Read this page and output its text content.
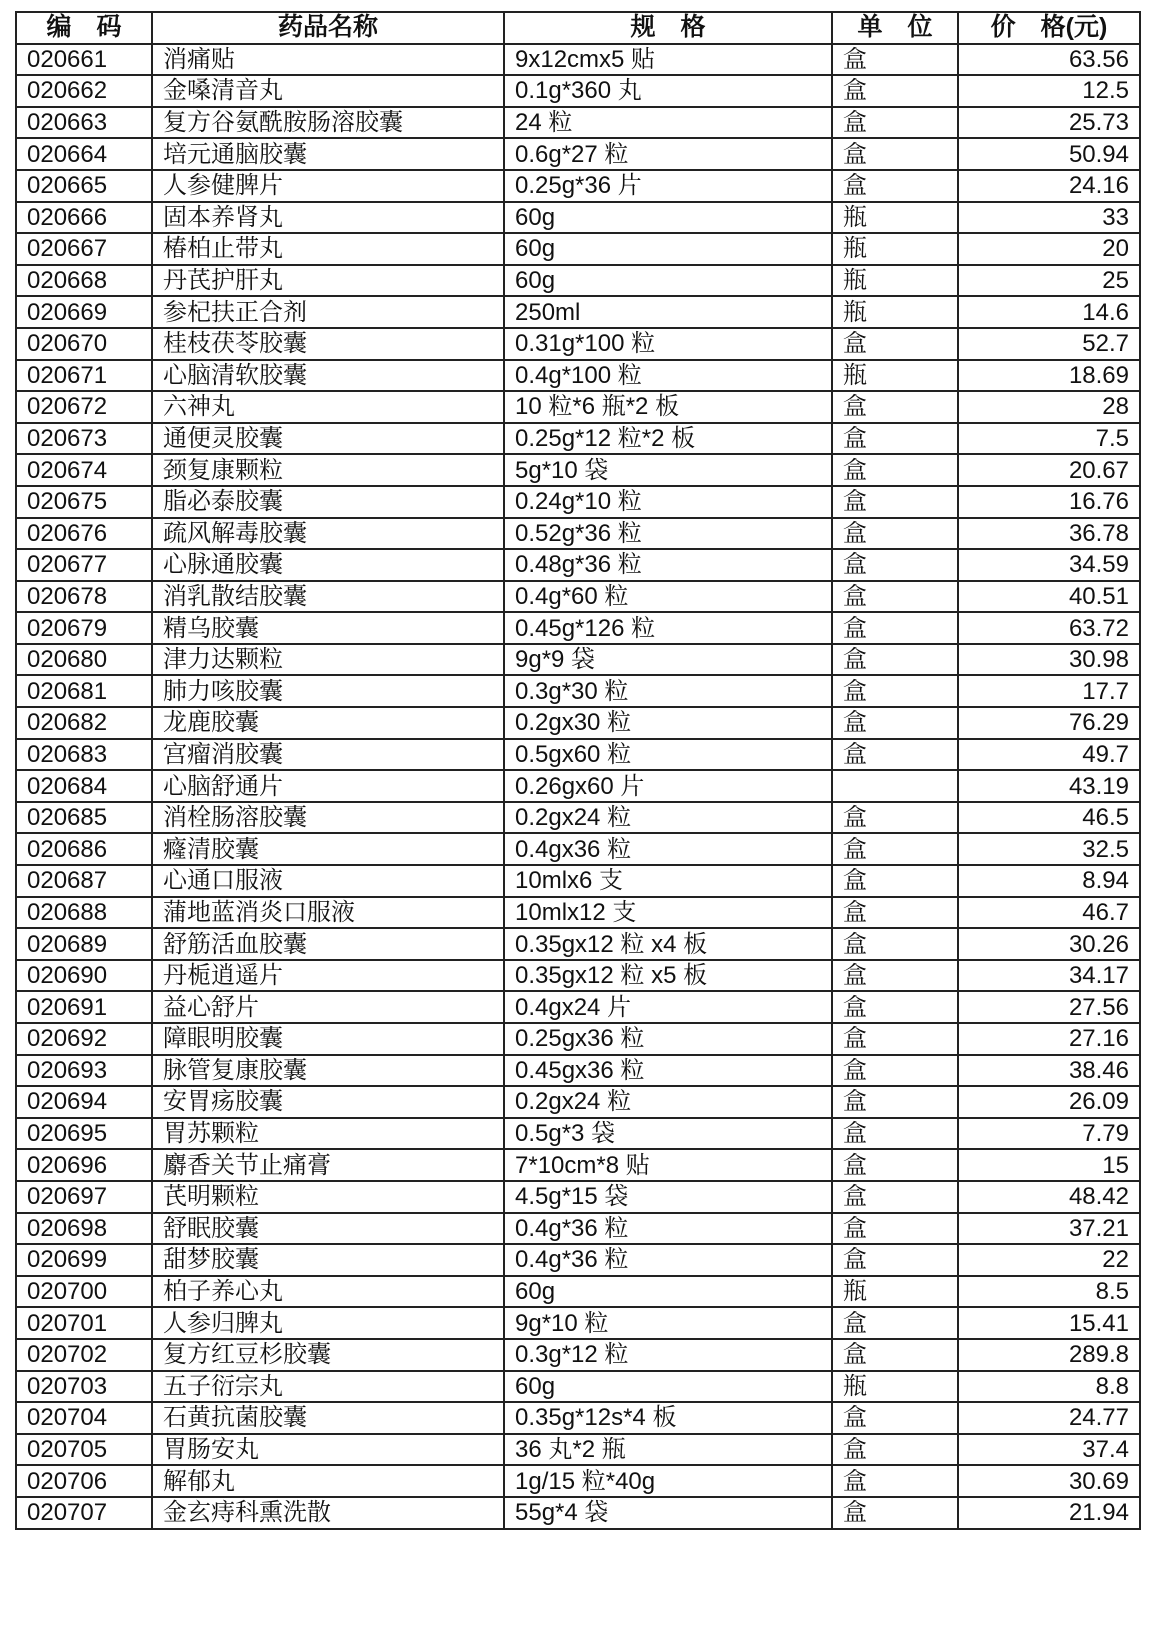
编　码	药品名称	规　格	单　位	价　格(元)
020661	消痛贴	9x12cmx5 贴	盒	63.56
020662	金嗓清音丸	0.1g*360 丸	盒	12.5
020663	复方谷氨酰胺肠溶胶囊	24 粒	盒	25.73
020664	培元通脑胶囊	0.6g*27 粒	盒	50.94
020665	人参健脾片	0.25g*36 片	盒	24.16
020666	固本养肾丸	60g	瓶	33
020667	椿柏止带丸	60g	瓶	20
020668	丹芪护肝丸	60g	瓶	25
020669	参杞扶正合剂	250ml	瓶	14.6
020670	桂枝茯苓胶囊	0.31g*100 粒	盒	52.7
020671	心脑清软胶囊	0.4g*100 粒	瓶	18.69
020672	六神丸	10 粒*6 瓶*2 板	盒	28
020673	通便灵胶囊	0.25g*12 粒*2 板	盒	7.5
020674	颈复康颗粒	5g*10 袋	盒	20.67
020675	脂必泰胶囊	0.24g*10 粒	盒	16.76
020676	疏风解毒胶囊	0.52g*36 粒	盒	36.78
020677	心脉通胶囊	0.48g*36 粒	盒	34.59
020678	消乳散结胶囊	0.4g*60 粒	盒	40.51
020679	精乌胶囊	0.45g*126 粒	盒	63.72
020680	津力达颗粒	9g*9 袋	盒	30.98
020681	肺力咳胶囊	0.3g*30 粒	盒	17.7
020682	龙鹿胶囊	0.2gx30 粒	盒	76.29
020683	宫瘤消胶囊	0.5gx60 粒	盒	49.7
020684	心脑舒通片	0.26gx60 片		43.19
020685	消栓肠溶胶囊	0.2gx24 粒	盒	46.5
020686	癃清胶囊	0.4gx36 粒	盒	32.5
020687	心通口服液	10mlx6 支	盒	8.94
020688	蒲地蓝消炎口服液	10mlx12 支	盒	46.7
020689	舒筋活血胶囊	0.35gx12 粒 x4 板	盒	30.26
020690	丹栀逍遥片	0.35gx12 粒 x5 板	盒	34.17
020691	益心舒片	0.4gx24 片	盒	27.56
020692	障眼明胶囊	0.25gx36 粒	盒	27.16
020693	脉管复康胶囊	0.45gx36 粒	盒	38.46
020694	安胃疡胶囊	0.2gx24 粒	盒	26.09
020695	胃苏颗粒	0.5g*3 袋	盒	7.79
020696	麝香关节止痛膏	7*10cm*8 贴	盒	15
020697	芪明颗粒	4.5g*15 袋	盒	48.42
020698	舒眠胶囊	0.4g*36 粒	盒	37.21
020699	甜梦胶囊	0.4g*36 粒	盒	22
020700	柏子养心丸	60g	瓶	8.5
020701	人参归脾丸	9g*10 粒	盒	15.41
020702	复方红豆杉胶囊	0.3g*12 粒	盒	289.8
020703	五子衍宗丸	60g	瓶	8.8
020704	石黄抗菌胶囊	0.35g*12s*4 板	盒	24.77
020705	胃肠安丸	36 丸*2 瓶	盒	37.4
020706	解郁丸	1g/15 粒*40g	盒	30.69
020707	金玄痔科熏洗散	55g*4 袋	盒	21.94
